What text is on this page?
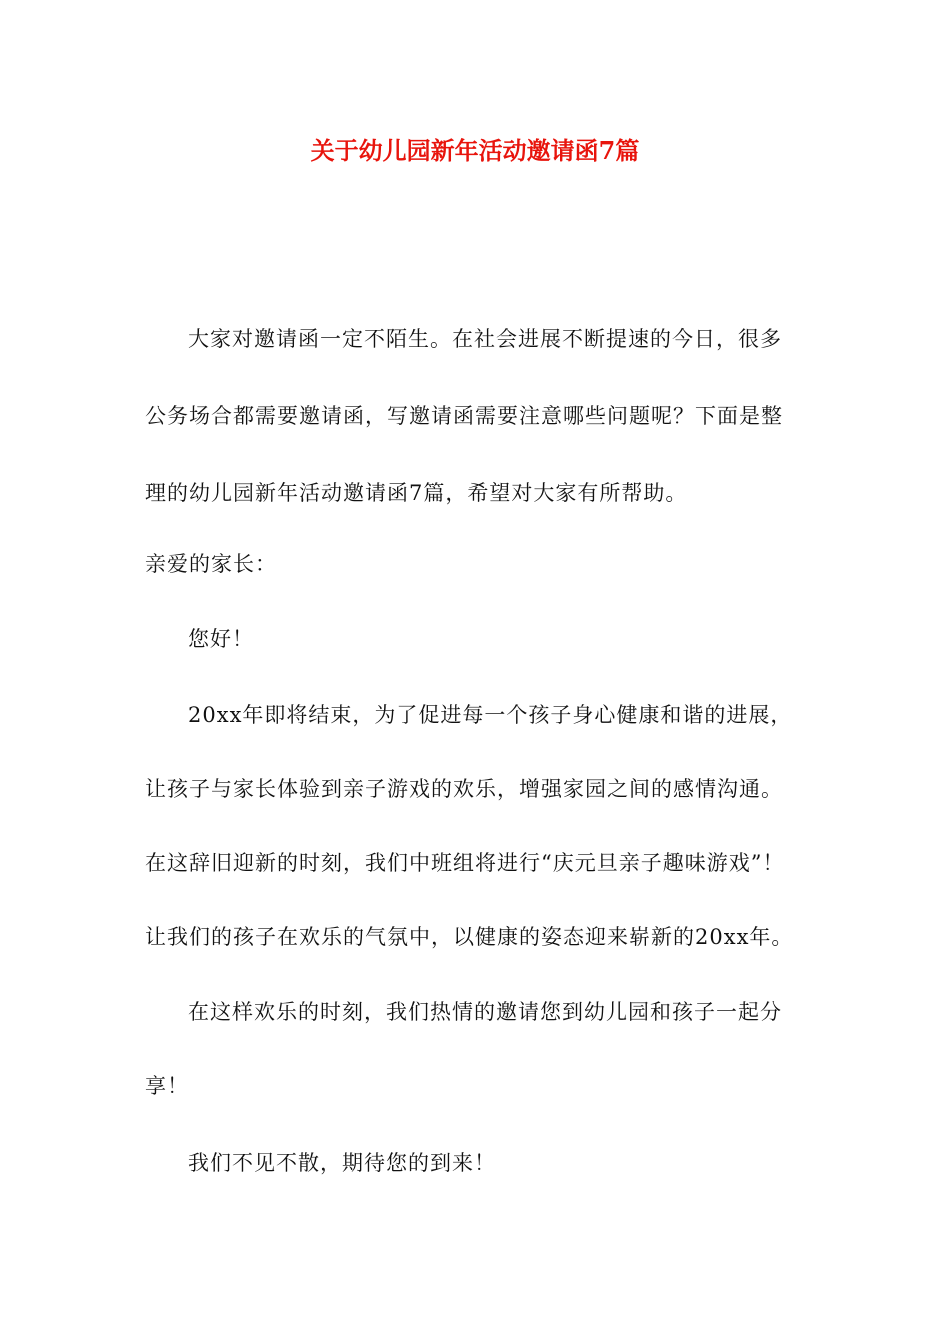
关于幼儿园新年活动邀请函7篇

大家对邀请函一定不陌生。在社会进展不断提速的今日，很多

公务场合都需要邀请函，写邀请函需要注意哪些问题呢？下面是整

理的幼儿园新年活动邀请函7篇，希望对大家有所帮助。

亲爱的家长：

您好！

20xx年即将结束，为了促进每一个孩子身心健康和谐的进展，

让孩子与家长体验到亲子游戏的欢乐，增强家园之间的感情沟通。

在这辞旧迎新的时刻，我们中班组将进行“庆元旦亲子趣味游戏”！

让我们的孩子在欢乐的气氛中，以健康的姿态迎来崭新的20xx年。

在这样欢乐的时刻，我们热情的邀请您到幼儿园和孩子一起分

享！

我们不见不散，期待您的到来！
